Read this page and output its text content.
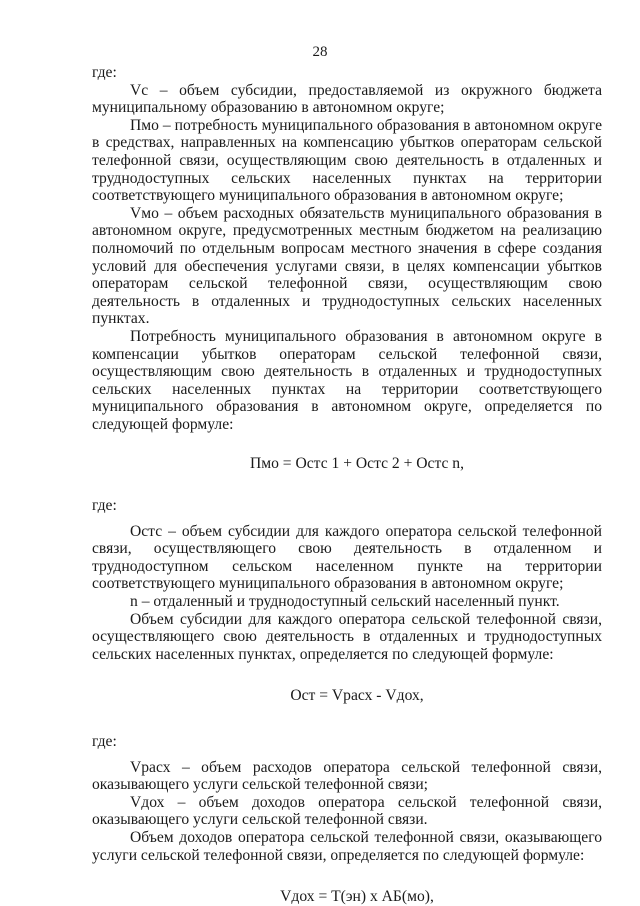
28

где:

Vc – объем субсидии, предоставляемой из окружного бюджета муниципальному образованию в автономном округе;

Пмо – потребность муниципального образования в автономном округе в средствах, направленных на компенсацию убытков операторам сельской телефонной связи, осуществляющим свою деятельность в отдаленных и труднодоступных сельских населенных пунктах на территории соответствующего муниципального образования в автономном округе;

Vмо – объем расходных обязательств муниципального образования в автономном округе, предусмотренных местным бюджетом на реализацию полномочий по отдельным вопросам местного значения в сфере создания условий для обеспечения услугами связи, в целях компенсации убытков операторам сельской телефонной связи, осуществляющим свою деятельность в отдаленных и труднодоступных сельских населенных пунктах.

Потребность муниципального образования в автономном округе в компенсации убытков операторам сельской телефонной связи, осуществляющим свою деятельность в отдаленных и труднодоступных сельских населенных пунктах на территории соответствующего муниципального образования в автономном округе, определяется по следующей формуле:

Пмо = Остс 1 + Остс 2 + Остс n,

где:

Остс – объем субсидии для каждого оператора сельской телефонной связи, осуществляющего свою деятельность в отдаленном и труднодоступном сельском населенном пункте на территории соответствующего муниципального образования в автономном округе;

n – отдаленный и труднодоступный сельский населенный пункт.

Объем субсидии для каждого оператора сельской телефонной связи, осуществляющего свою деятельность в отдаленных и труднодоступных сельских населенных пунктах, определяется по следующей формуле:

Ост = Vрасх - Vдох,

где:

Vрасх – объем расходов оператора сельской телефонной связи, оказывающего услуги сельской телефонной связи;

Vдох – объем доходов оператора сельской телефонной связи, оказывающего услуги сельской телефонной связи.

Объем доходов оператора сельской телефонной связи, оказывающего услуги сельской телефонной связи, определяется по следующей формуле:

Vдох = Т(эн) х АБ(мо),
